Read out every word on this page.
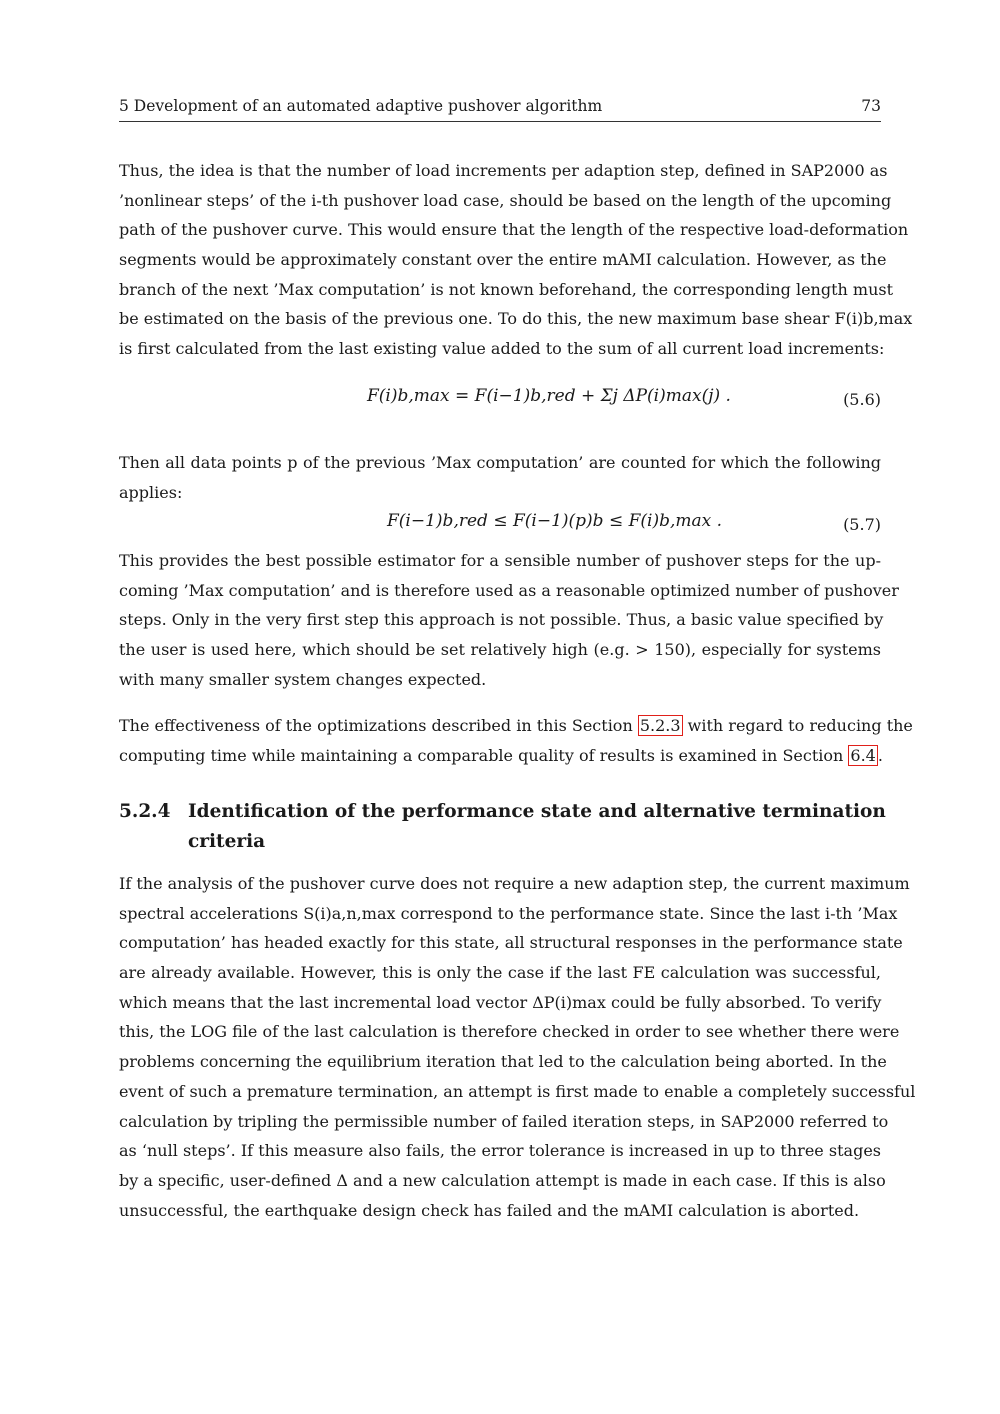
5 Development of an automated adaptive pushover algorithm	73
Thus, the idea is that the number of load increments per adaption step, defined in SAP2000 as
’nonlinear steps’ of the i-th pushover load case, should be based on the length of the upcoming
path of the pushover curve. This would ensure that the length of the respective load-deformation
segments would be approximately constant over the entire mAMI calculation. However, as the
branch of the next ’Max computation’ is not known beforehand, the corresponding length must
be estimated on the basis of the previous one. To do this, the new maximum base shear F(i)b,max
is first calculated from the last existing value added to the sum of all current load increments:
F(i)b,max = F(i−1)b,red + Σj ΔP(i)max(j) .	(5.6)
Then all data points p of the previous ’Max computation’ are counted for which the following
applies:
F(i−1)b,red ≤ F(i−1)(p)b ≤ F(i)b,max .	(5.7)
This provides the best possible estimator for a sensible number of pushover steps for the up-
coming ’Max computation’ and is therefore used as a reasonable optimized number of pushover
steps. Only in the very first step this approach is not possible. Thus, a basic value specified by
the user is used here, which should be set relatively high (e.g. > 150), especially for systems
with many smaller system changes expected.
The effectiveness of the optimizations described in this Section 5.2.3 with regard to reducing the
computing time while maintaining a comparable quality of results is examined in Section 6.4 .
5.2.4 Identification of the performance state and alternative termination
criteria
If the analysis of the pushover curve does not require a new adaption step, the current maximum
spectral accelerations S(i)a,n,max correspond to the performance state. Since the last i-th ’Max
computation’ has headed exactly for this state, all structural responses in the performance state
are already available. However, this is only the case if the last FE calculation was successful,
which means that the last incremental load vector ΔP(i)max could be fully absorbed. To verify
this, the LOG file of the last calculation is therefore checked in order to see whether there were
problems concerning the equilibrium iteration that led to the calculation being aborted. In the
event of such a premature termination, an attempt is first made to enable a completely successful
calculation by tripling the permissible number of failed iteration steps, in SAP2000 referred to
as ‘null steps’. If this measure also fails, the error tolerance is increased in up to three stages
by a specific, user-defined Δ and a new calculation attempt is made in each case. If this is also
unsuccessful, the earthquake design check has failed and the mAMI calculation is aborted.
